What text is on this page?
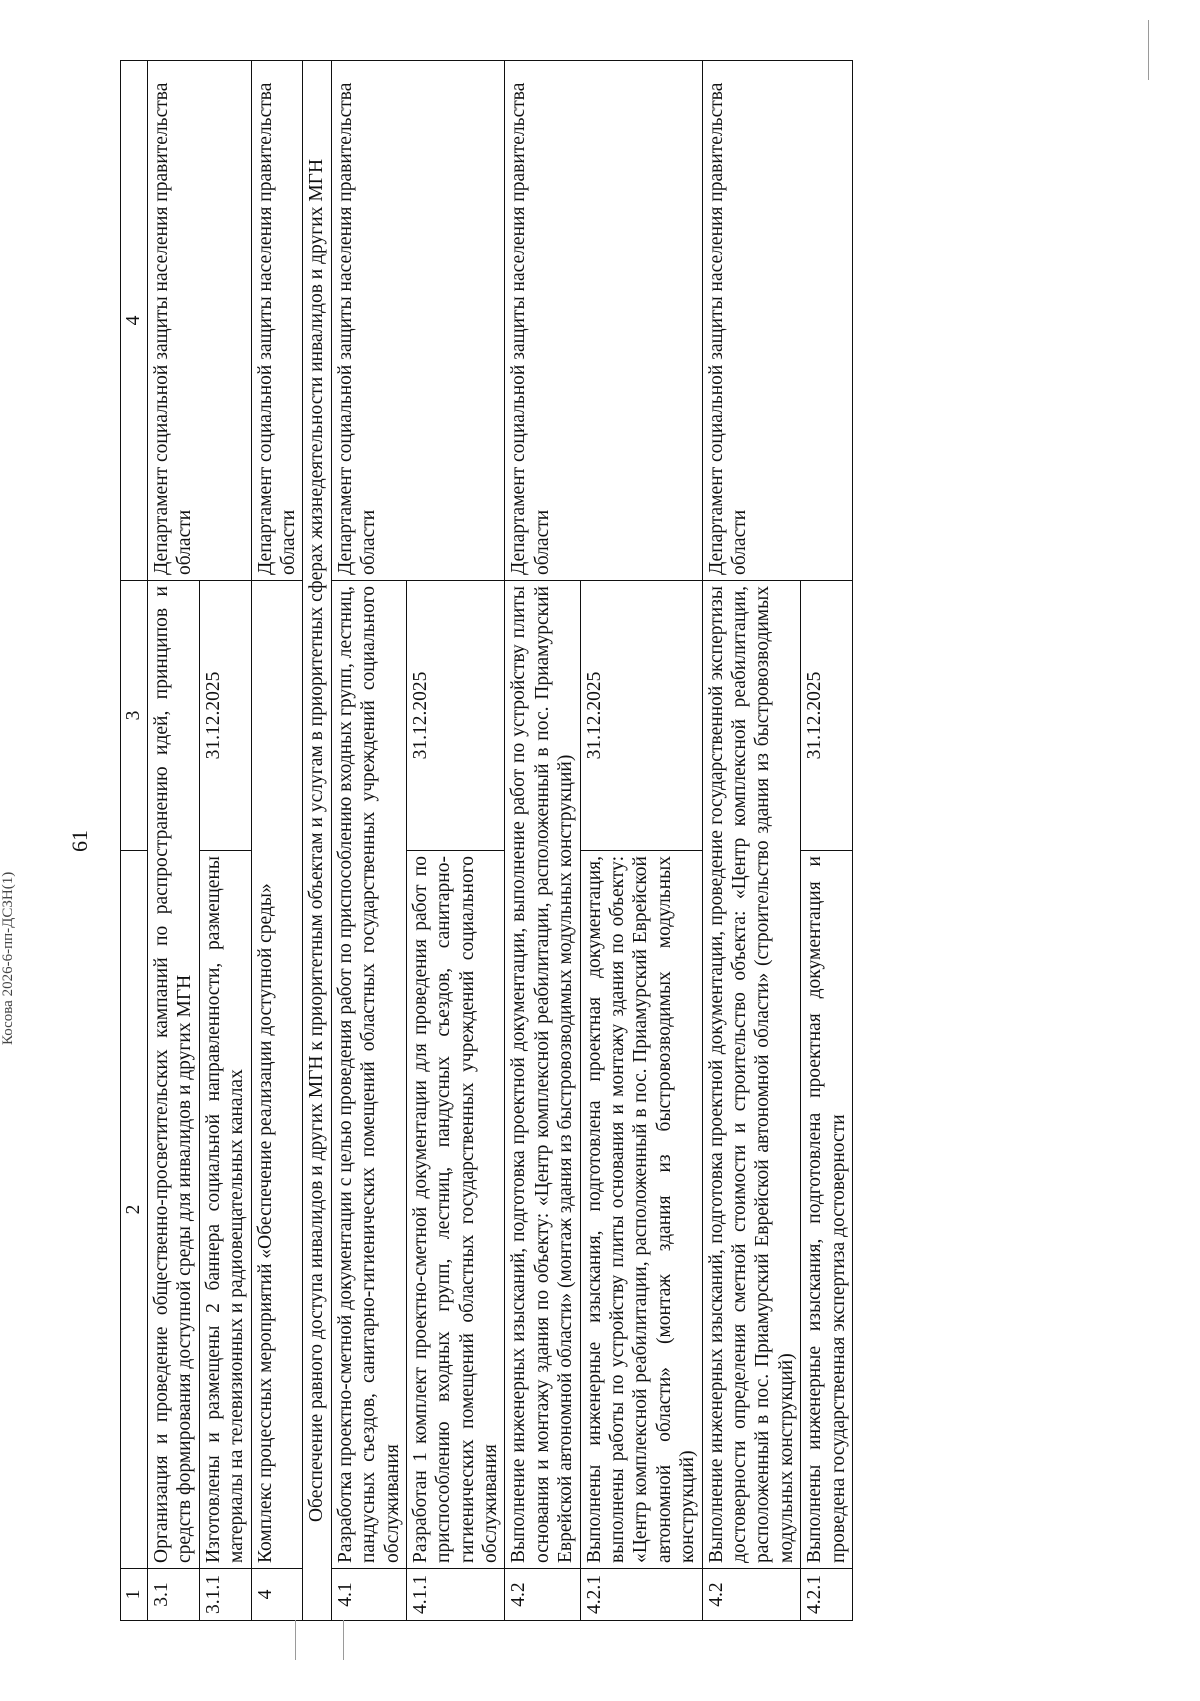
61
1	2	3	4
3.1	Организация и проведение общественно-просветительских кампаний по распространению идей, принципов и средств формирования доступной среды для инвалидов и других МГН		Департамент социальной защиты населения правительства области
3.1.1	Изготовлены и размещены 2 баннера социальной направленности, размещены материалы на телевизионных и радиовещательных каналах	31.12.2025	
4	Комплекс процессных мероприятий «Обеспечение реализации доступной среды»		Департамент социальной защиты населения правительства области
Обеспечение равного доступа инвалидов и других МГН к приоритетным объектам и услугам в приоритетных сферах жизнедеятельности инвалидов и других МГН			
4.1	Разработка проектно-сметной документации с целью проведения работ по приспособлению входных групп, лестниц, пандусных съездов, санитарно-гигиенических помещений областных государственных учреждений социального обслуживания		Департамент социальной защиты населения правительства области
4.1.1	Разработан 1 комплект проектно-сметной документации для проведения работ по приспособлению входных групп, лестниц, пандусных съездов, санитарно-гигиенических помещений областных государственных учреждений социального обслуживания	31.12.2025	
4.2	Выполнение инженерных изысканий, подготовка проектной документации, выполнение работ по устройству плиты основания и монтажу здания по объекту: «Центр комплексной реабилитации, расположенный в пос. Приамурский Еврейской автономной области» (монтаж здания из быстровозводимых модульных конструкций)		Департамент социальной защиты населения правительства области
4.2.1	Выполнены инженерные изыскания, подготовлена проектная документация, выполнены работы по устройству плиты основания и монтажу здания по объекту: «Центр комплексной реабилитации, расположенный в пос. Приамурский Еврейской автономной области» (монтаж здания из быстровозводимых модульных конструкций)	31.12.2025	
4.2	Выполнение инженерных изысканий, подготовка проектной документации, проведение государственной экспертизы достоверности определения сметной стоимости и строительство объекта: «Центр комплексной реабилитации, расположенный в пос. Приамурский Еврейской автономной области» (строительство здания из быстровозводимых модульных конструкций)		Департамент социальной защиты населения правительства области
4.2.1	Выполнены инженерные изыскания, подготовлена проектная документация и проведена государственная экспертиза достоверности	31.12.2025	
Косова 2026-6-пп-ДСЗН(1)
